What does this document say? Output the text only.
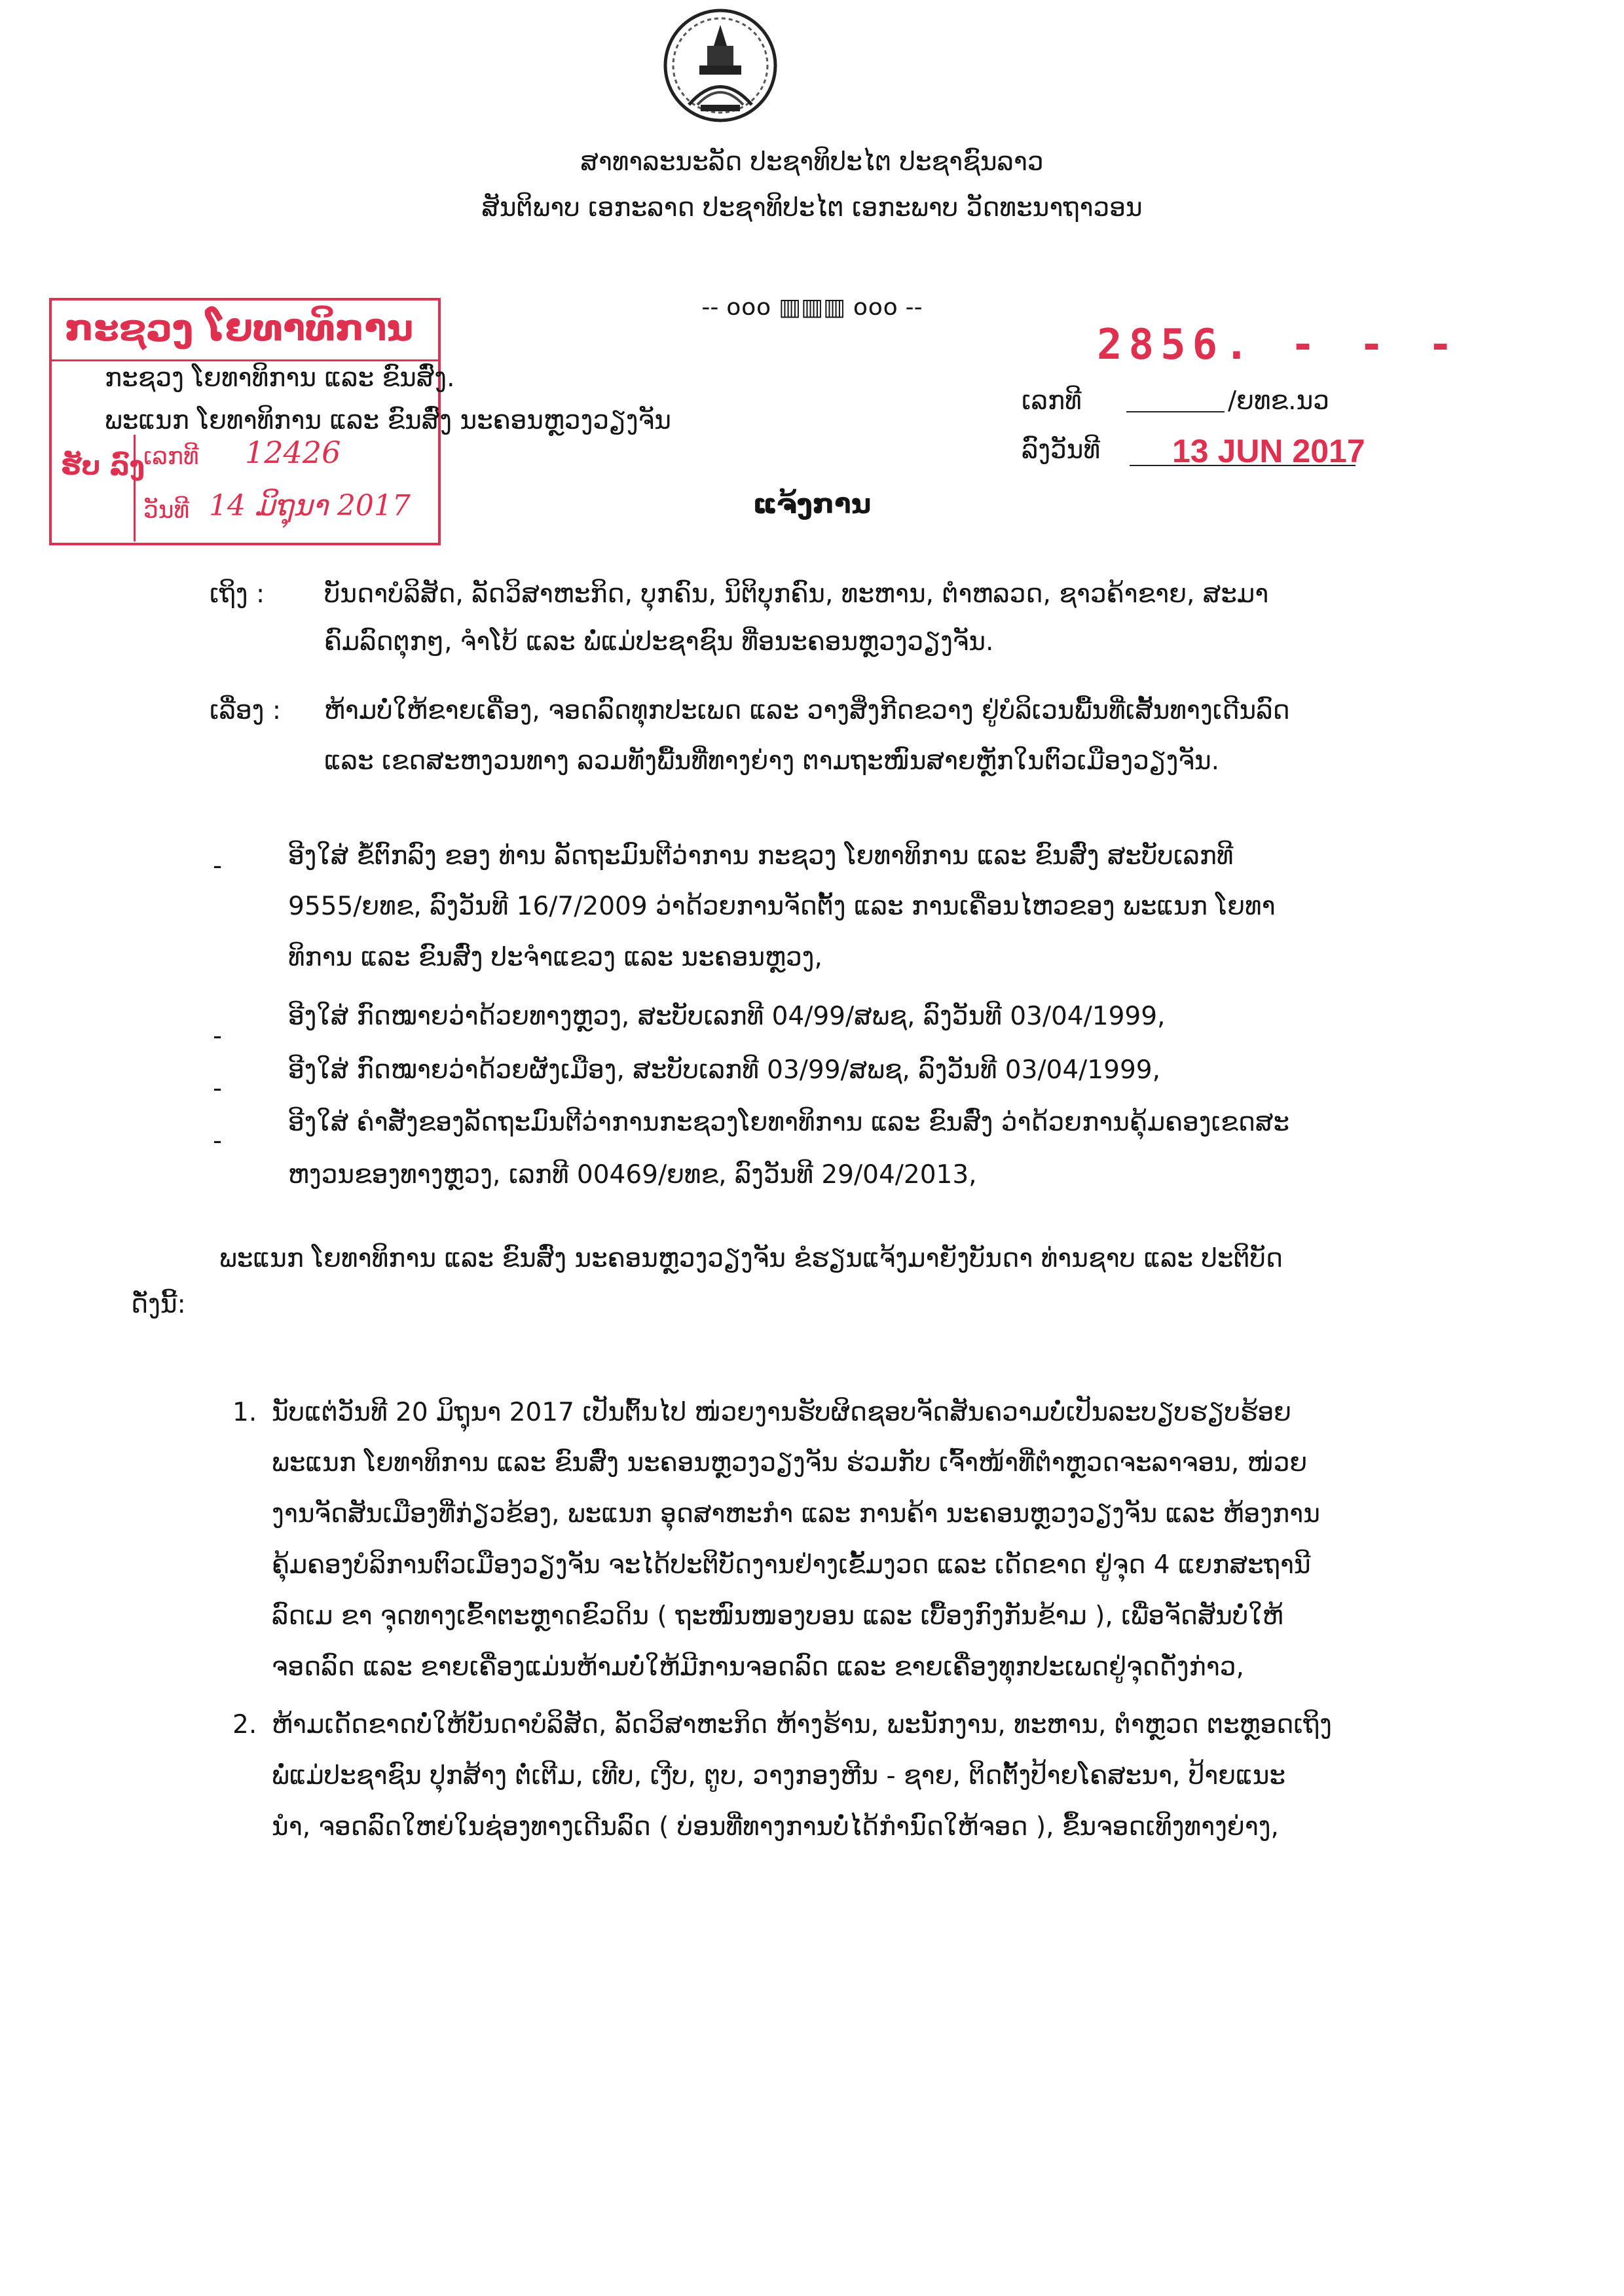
ສາທາລະນະລັດ ປະຊາທິປະໄຕ ປະຊາຊົນລາວ
ສັນຕິພາບ ເອກະລາດ ປະຊາທິປະໄຕ ເອກະພາບ ວັດທະນາຖາວອນ
-- ໐໐໐ ▥▥▥ ໐໐໐ --
ກະຊວງ ໂຍທາທິການ
ຮັບ ລົງ
ເລກທີ 12426
ວັນທີ 14 ມິຖຸນາ 2017
ກະຊວງ ໂຍທາທິການ ແລະ ຂົນສົ່ງ.
ພະແນກ ໂຍທາທິການ ແລະ ຂົນສົ່ງ ນະຄອນຫຼວງວຽງຈັນ
2856. - - -
ເລກທີ	/ຍທຂ.ນວ
ລົງວັນທີ 13 JUN 2017
ແຈ້ງການ
ເຖິງ : ບັນດາບໍລິສັດ, ລັດວິສາຫະກິດ, ບຸກຄົນ, ນິຕິບຸກຄົນ, ທະຫານ, ຕໍາຫລວດ, ຊາວຄ້າຂາຍ, ສະມາ
ຄົມລົດຕຸກໆ, ຈໍາໂບ້ ແລະ ພໍ່ແມ່ປະຊາຊົນ ທີ່ອນະຄອນຫຼວງວຽງຈັນ.
ເລື່ອງ : ຫ້າມບໍ່ໃຫ້ຂາຍເຄື່ອງ, ຈອດລົດທຸກປະເພດ ແລະ ວາງສິ່ງກີດຂວາງ ຢູ່ບໍລິເວນພື້ນທີ່ເສັ້ນທາງເດີນລົດ
ແລະ ເຂດສະຫງວນທາງ ລວມທັງພື້ນທີ່ທາງຍ່າງ ຕາມຖະໜົນສາຍຫຼັກໃນຕົວເມືອງວຽງຈັນ.
-	ອີງໃສ່ ຂໍ້ຕົກລົງ ຂອງ ທ່ານ ລັດຖະມົນຕີວ່າການ ກະຊວງ ໂຍທາທິການ ແລະ ຂົນສົ່ງ ສະບັບເລກທີ
9555/ຍທຂ, ລົງວັນທີ 16/7/2009 ວ່າດ້ວຍການຈັດຕັ້ງ ແລະ ການເຄື່ອນໄຫວຂອງ ພະແນກ ໂຍທາ
ທິການ ແລະ ຂົນສົ່ງ ປະຈໍາແຂວງ ແລະ ນະຄອນຫຼວງ,
-
ອີງໃສ່ ກົດໝາຍວ່າດ້ວຍທາງຫຼວງ, ສະບັບເລກທີ 04/99/ສພຊ, ລົງວັນທີ 03/04/1999,
-
ອີງໃສ່ ກົດໝາຍວ່າດ້ວຍຜັງເມືອງ, ສະບັບເລກທີ 03/99/ສພຊ, ລົງວັນທີ 03/04/1999,
-
ອີງໃສ່ ຄໍາສັ່ງຂອງລັດຖະມົນຕີວ່າການກະຊວງໂຍທາທິການ ແລະ ຂົນສົ່ງ ວ່າດ້ວຍການຄຸ້ມຄອງເຂດສະ
ຫງວນຂອງທາງຫຼວງ, ເລກທີ 00469/ຍທຂ, ລົງວັນທີ 29/04/2013,
ພະແນກ ໂຍທາທິການ ແລະ ຂົນສົ່ງ ນະຄອນຫຼວງວຽງຈັນ ຂໍຮຽນແຈ້ງມາຍັງບັນດາ ທ່ານຊາບ ແລະ ປະຕິບັດ
ດັ່ງນີ້:
1. ນັບແຕ່ວັນທີ 20 ມິຖຸນາ 2017 ເປັນຕົ້ນໄປ ໜ່ວຍງານຮັບຜິດຊອບຈັດສັນຄວາມບໍ່ເປັນລະບຽບຮຽບຮ້ອຍ
ພະແນກ ໂຍທາທິການ ແລະ ຂົນສົ່ງ ນະຄອນຫຼວງວຽງຈັນ ຮ່ວມກັບ ເຈົ້າໜ້າທີ່ຕໍາຫຼວດຈະລາຈອນ, ໜ່ວຍ
ງານຈັດສັນເມືອງທີ່ກ່ຽວຂ້ອງ, ພະແນກ ອຸດສາຫະກໍາ ແລະ ການຄ້າ ນະຄອນຫຼວງວຽງຈັນ ແລະ ຫ້ອງການ
ຄຸ້ມຄອງບໍລິການຕົວເມືອງວຽງຈັນ ຈະໄດ້ປະຕິບັດງານຢ່າງເຂັ້ມງວດ ແລະ ເດັດຂາດ ຢູ່ຈຸດ 4 ແຍກສະຖານີ
ລົດເມ ຂາ ຈຸດທາງເຂົ້າຕະຫຼາດຂົວດິນ ( ຖະໜົນໜອງບອນ ແລະ ເບື້ອງກົງກັນຂ້າມ ), ເພື່ອຈັດສັນບໍ່ໃຫ້
ຈອດລົດ ແລະ ຂາຍເຄື່ອງແມ່ນຫ້າມບໍ່ໃຫ້ມີການຈອດລົດ ແລະ ຂາຍເຄື່ອງທຸກປະເພດຢູ່ຈຸດດັ່ງກ່າວ,
2. ຫ້າມເດັດຂາດບໍ່ໃຫ້ບັນດາບໍລິສັດ, ລັດວິສາຫະກິດ ຫ້າງຮ້ານ, ພະນັກງານ, ທະຫານ, ຕໍາຫຼວດ ຕະຫຼອດເຖິງ
ພໍ່ແມ່ປະຊາຊົນ ປຸກສ້າງ ຕໍ່ເຕີມ, ເທີບ, ເງີບ, ຕູບ, ວາງກອງຫີນ - ຊາຍ, ຕິດຕັ້ງປ້າຍໂຄສະນາ, ປ້າຍແນະ
ນໍາ, ຈອດລົດໃຫຍ່ໃນຊ່ອງທາງເດີນລົດ ( ບ່ອນທີ່ທາງການບໍ່ໄດ້ກໍານົດໃຫ້ຈອດ ), ຂຶ້ນຈອດເທິງທາງຍ່າງ,
